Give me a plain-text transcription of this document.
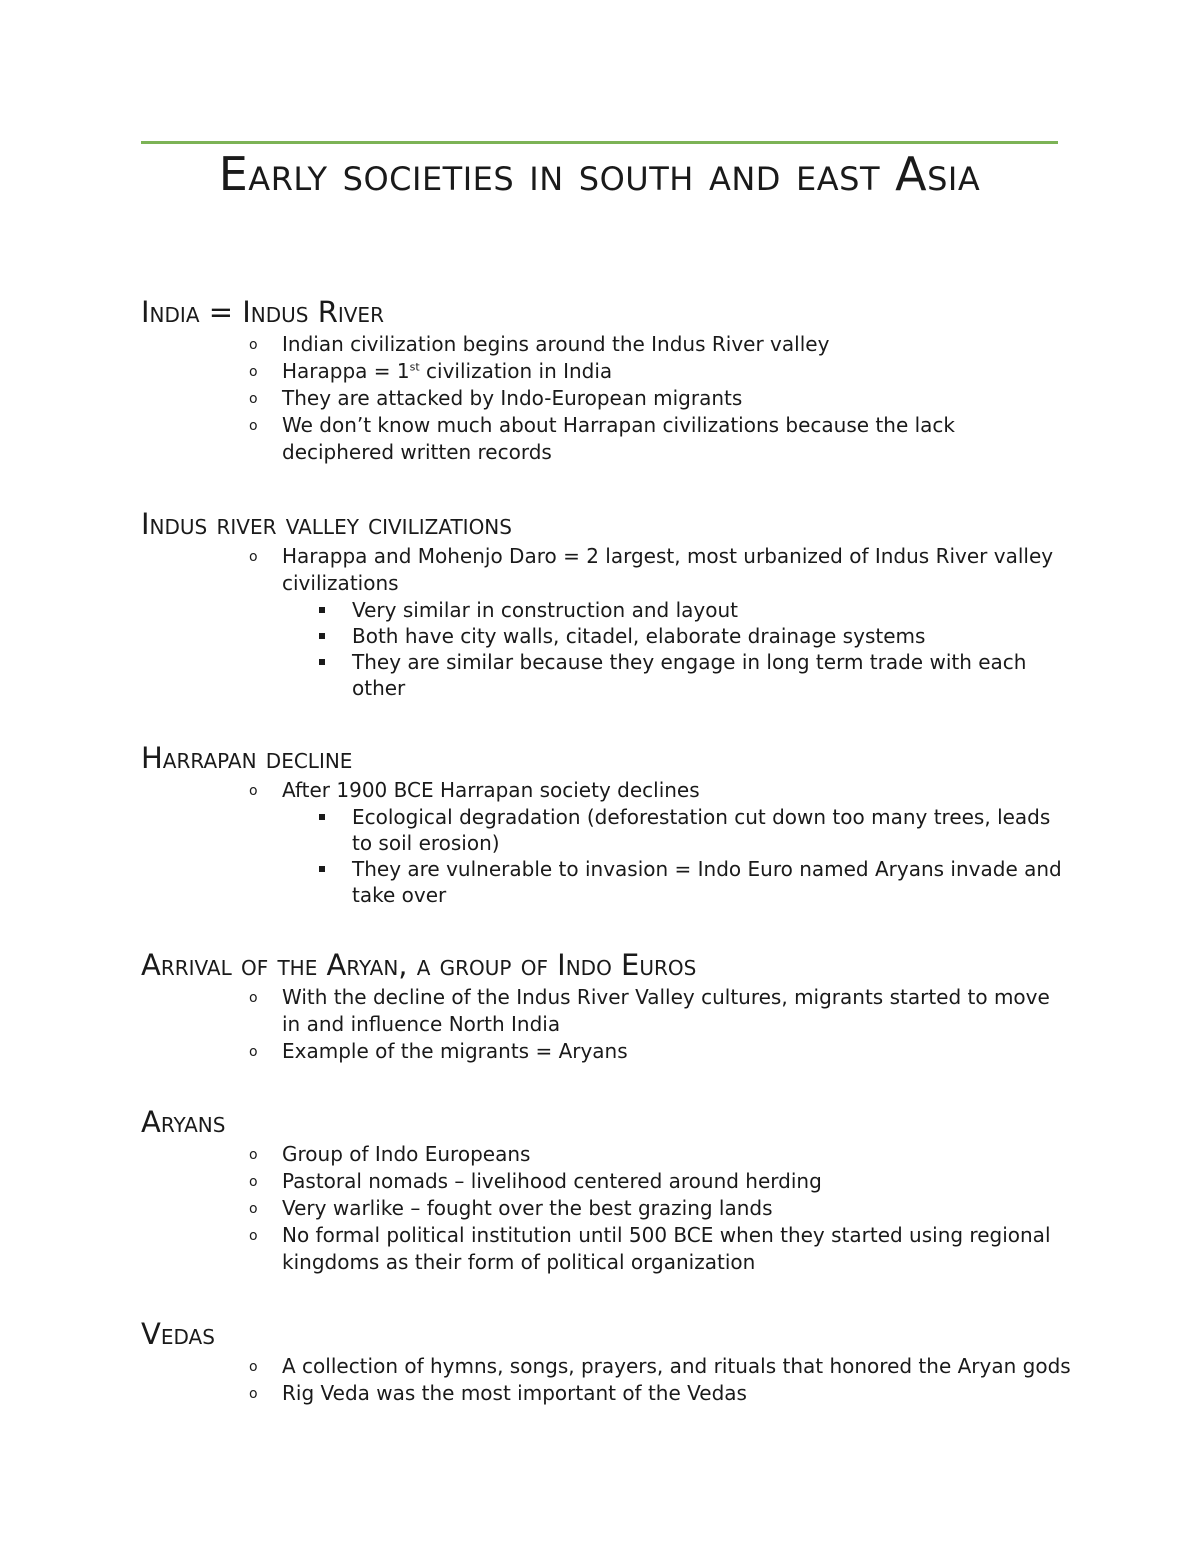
Early societies in south and east Asia
India = Indus River
o Indian civilization begins around the Indus River valley
o Harappa = 1st civilization in India
o They are attacked by Indo-European migrants
o We don’t know much about Harrapan civilizations because the lack deciphered written records
Indus river valley civilizations
o Harappa and Mohenjo Daro = 2 largest, most urbanized of Indus River valley civilizations
Very similar in construction and layout
Both have city walls, citadel, elaborate drainage systems
They are similar because they engage in long term trade with each other
Harrapan decline
o After 1900 BCE Harrapan society declines
Ecological degradation (deforestation cut down too many trees, leads to soil erosion)
They are vulnerable to invasion = Indo Euro named Aryans invade and take over
Arrival of the Aryan, a group of Indo Euros
o With the decline of the Indus River Valley cultures, migrants started to move in and influence North India
o Example of the migrants = Aryans
Aryans
o Group of Indo Europeans
o Pastoral nomads – livelihood centered around herding
o Very warlike – fought over the best grazing lands
o No formal political institution until 500 BCE when they started using regional kingdoms as their form of political organization
Vedas
o A collection of hymns, songs, prayers, and rituals that honored the Aryan gods
o Rig Veda was the most important of the Vedas
